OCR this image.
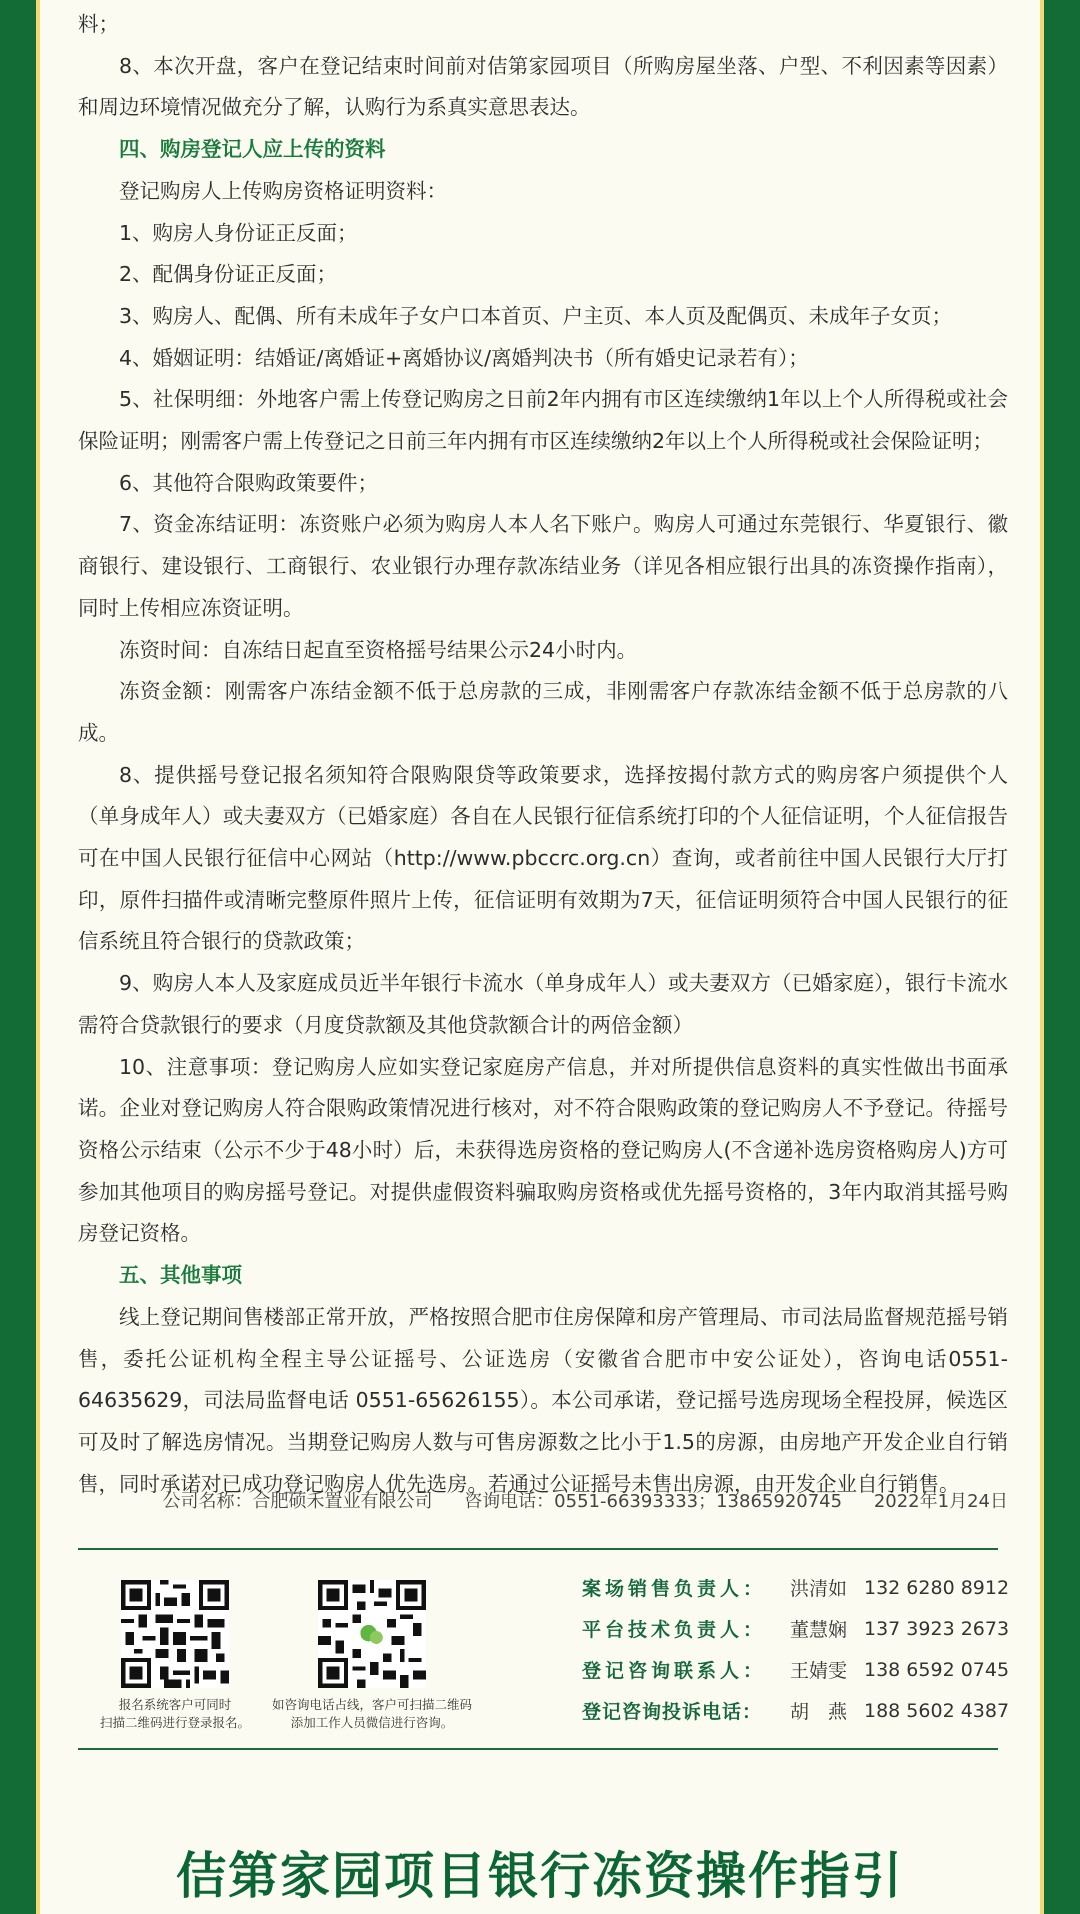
料；

8、本次开盘，客户在登记结束时间前对佶第家园项目（所购房屋坐落、户型、不利因素等因素）和周边环境情况做充分了解，认购行为系真实意思表达。

四、购房登记人应上传的资料

登记购房人上传购房资格证明资料：

1、购房人身份证正反面；

2、配偶身份证正反面；

3、购房人、配偶、所有未成年子女户口本首页、户主页、本人页及配偶页、未成年子女页；

4、婚姻证明：结婚证/离婚证+离婚协议/离婚判决书（所有婚史记录若有）；

5、社保明细：外地客户需上传登记购房之日前2年内拥有市区连续缴纳1年以上个人所得税或社会保险证明；刚需客户需上传登记之日前三年内拥有市区连续缴纳2年以上个人所得税或社会保险证明；

6、其他符合限购政策要件；

7、资金冻结证明：冻资账户必须为购房人本人名下账户。购房人可通过东莞银行、华夏银行、徽商银行、建设银行、工商银行、农业银行办理存款冻结业务（详见各相应银行出具的冻资操作指南），同时上传相应冻资证明。

冻资时间：自冻结日起直至资格摇号结果公示24小时内。

冻资金额：刚需客户冻结金额不低于总房款的三成，非刚需客户存款冻结金额不低于总房款的八成。

8、提供摇号登记报名须知符合限购限贷等政策要求，选择按揭付款方式的购房客户须提供个人（单身成年人）或夫妻双方（已婚家庭）各自在人民银行征信系统打印的个人征信证明，个人征信报告可在中国人民银行征信中心网站（http://www.pbccrc.org.cn）查询，或者前往中国人民银行大厅打印，原件扫描件或清晰完整原件照片上传，征信证明有效期为7天，征信证明须符合中国人民银行的征信系统且符合银行的贷款政策；

9、购房人本人及家庭成员近半年银行卡流水（单身成年人）或夫妻双方（已婚家庭），银行卡流水需符合贷款银行的要求（月度贷款额及其他贷款额合计的两倍金额）

10、注意事项：登记购房人应如实登记家庭房产信息，并对所提供信息资料的真实性做出书面承诺。企业对登记购房人符合限购政策情况进行核对，对不符合限购政策的登记购房人不予登记。待摇号资格公示结束（公示不少于48小时）后，未获得选房资格的登记购房人(不含递补选房资格购房人)方可参加其他项目的购房摇号登记。对提供虚假资料骗取购房资格或优先摇号资格的，3年内取消其摇号购房登记资格。

五、其他事项

线上登记期间售楼部正常开放，严格按照合肥市住房保障和房产管理局、市司法局监督规范摇号销售，委托公证机构全程主导公证摇号、公证选房（安徽省合肥市中安公证处），咨询电话0551-64635629，司法局监督电话 0551-65626155）。本公司承诺，登记摇号选房现场全程投屏，候选区可及时了解选房情况。当期登记购房人数与可售房源数之比小于1.5的房源，由房地产开发企业自行销售，同时承诺对已成功登记购房人优先选房。若通过公证摇号未售出房源，由开发企业自行销售。

公司名称：合肥硕禾置业有限公司 咨询电话：0551-66393333；13865920745 2022年1月24日
报名系统客户可同时
扫描二维码进行登录报名。
如咨询电话占线，客户可扫描二维码
添加工作人员微信进行咨询。
案场销售负责人：	洪清如 132 6280 8912
平台技术负责人：	董慧娴 137 3923 2673
登记咨询联系人：	王婧雯 138 6592 0745
登记咨询投诉电话：	胡　燕 188 5602 4387
佶第家园项目银行冻资操作指引
